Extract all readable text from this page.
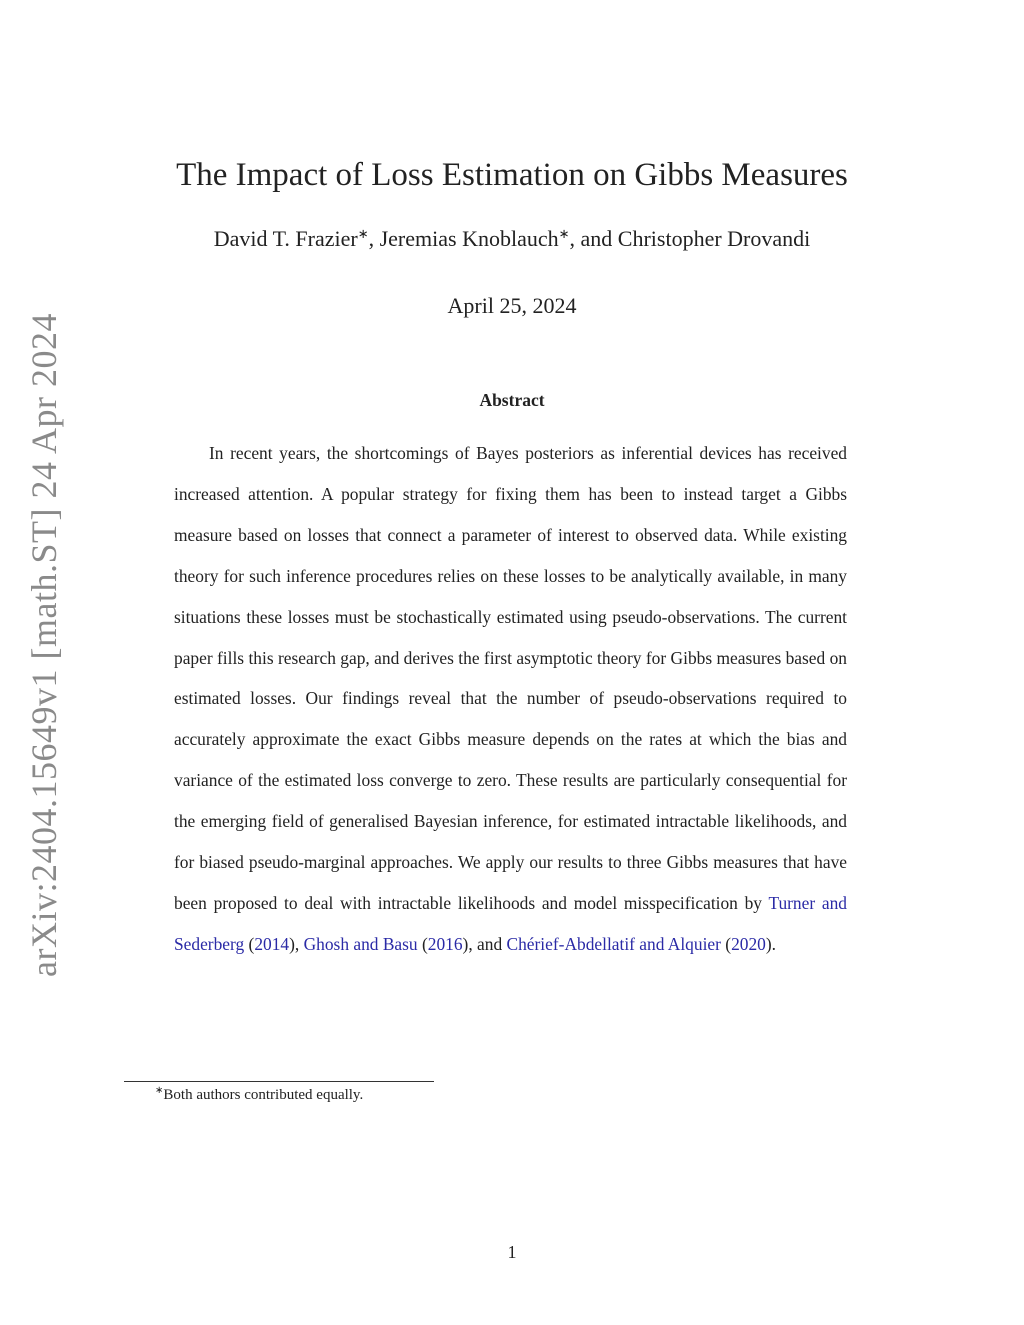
arXiv:2404.15649v1 [math.ST] 24 Apr 2024
The Impact of Loss Estimation on Gibbs Measures
David T. Frazier∗, Jeremias Knoblauch∗, and Christopher Drovandi
April 25, 2024
Abstract

In recent years, the shortcomings of Bayes posteriors as inferential devices has received increased attention. A popular strategy for fixing them has been to instead target a Gibbs measure based on losses that connect a parameter of interest to observed data. While existing theory for such inference procedures relies on these losses to be analytically available, in many situations these losses must be stochastically estimated using pseudo-observations. The current paper fills this research gap, and derives the first asymptotic theory for Gibbs measures based on estimated losses. Our findings reveal that the number of pseudo-observations required to accurately approximate the exact Gibbs measure depends on the rates at which the bias and variance of the estimated loss converge to zero. These results are particularly consequential for the emerging field of generalised Bayesian inference, for estimated intractable likelihoods, and for biased pseudo-marginal approaches. We apply our results to three Gibbs measures that have been proposed to deal with intractable likelihoods and model misspecification by Turner and Sederberg (2014), Ghosh and Basu (2016), and Chérief-Abdellatif and Alquier (2020).

∗Both authors contributed equally.
1
